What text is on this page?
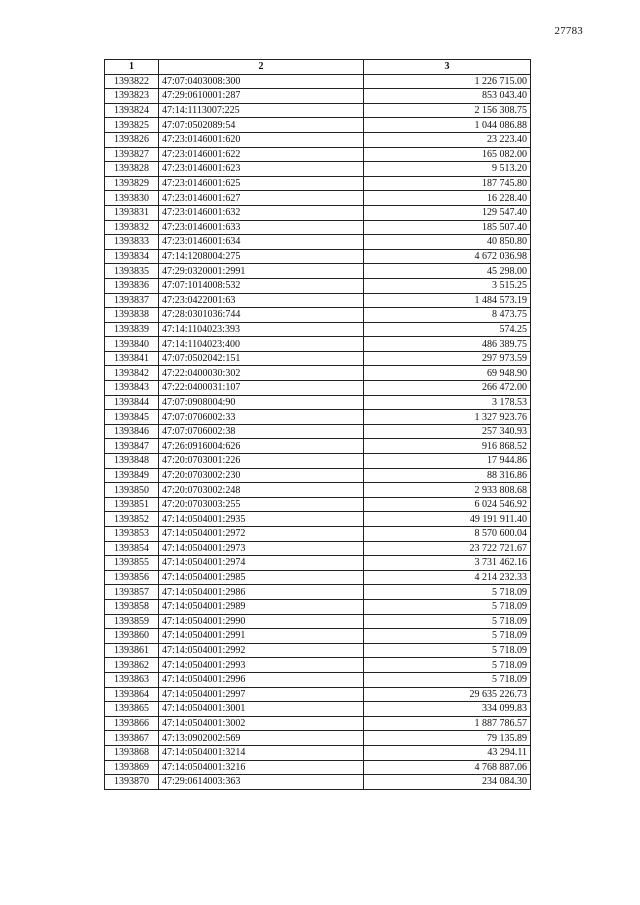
27783
1	2	3
1393822	47:07:0403008:300	1 226 715.00
1393823	47:29:0610001:287	853 043.40
1393824	47:14:1113007:225	2 156 308.75
1393825	47:07:0502089:54	1 044 086.88
1393826	47:23:0146001:620	23 223.40
1393827	47:23:0146001:622	165 082.00
1393828	47:23:0146001:623	9 513.20
1393829	47:23:0146001:625	187 745.80
1393830	47:23:0146001:627	16 228.40
1393831	47:23:0146001:632	129 547.40
1393832	47:23:0146001:633	185 507.40
1393833	47:23:0146001:634	40 850.80
1393834	47:14:1208004:275	4 672 036.98
1393835	47:29:0320001:2991	45 298.00
1393836	47:07:1014008:532	3 515.25
1393837	47:23:0422001:63	1 484 573.19
1393838	47:28:0301036:744	8 473.75
1393839	47:14:1104023:393	574.25
1393840	47:14:1104023:400	486 389.75
1393841	47:07:0502042:151	297 973.59
1393842	47:22:0400030:302	69 948.90
1393843	47:22:0400031:107	266 472.00
1393844	47:07:0908004:90	3 178.53
1393845	47:07:0706002:33	1 327 923.76
1393846	47:07:0706002:38	257 340.93
1393847	47:26:0916004:626	916 868.52
1393848	47:20:0703001:226	17 944.86
1393849	47:20:0703002:230	88 316.86
1393850	47:20:0703002:248	2 933 808.68
1393851	47:20:0703003:255	6 024 546.92
1393852	47:14:0504001:2935	49 191 911.40
1393853	47:14:0504001:2972	8 570 600.04
1393854	47:14:0504001:2973	23 722 721.67
1393855	47:14:0504001:2974	3 731 462.16
1393856	47:14:0504001:2985	4 214 232.33
1393857	47:14:0504001:2986	5 718.09
1393858	47:14:0504001:2989	5 718.09
1393859	47:14:0504001:2990	5 718.09
1393860	47:14:0504001:2991	5 718.09
1393861	47:14:0504001:2992	5 718.09
1393862	47:14:0504001:2993	5 718.09
1393863	47:14:0504001:2996	5 718.09
1393864	47:14:0504001:2997	29 635 226.73
1393865	47:14:0504001:3001	334 099.83
1393866	47:14:0504001:3002	1 887 786.57
1393867	47:13:0902002:569	79 135.89
1393868	47:14:0504001:3214	43 294.11
1393869	47:14:0504001:3216	4 768 887.06
1393870	47:29:0614003:363	234 084.30
